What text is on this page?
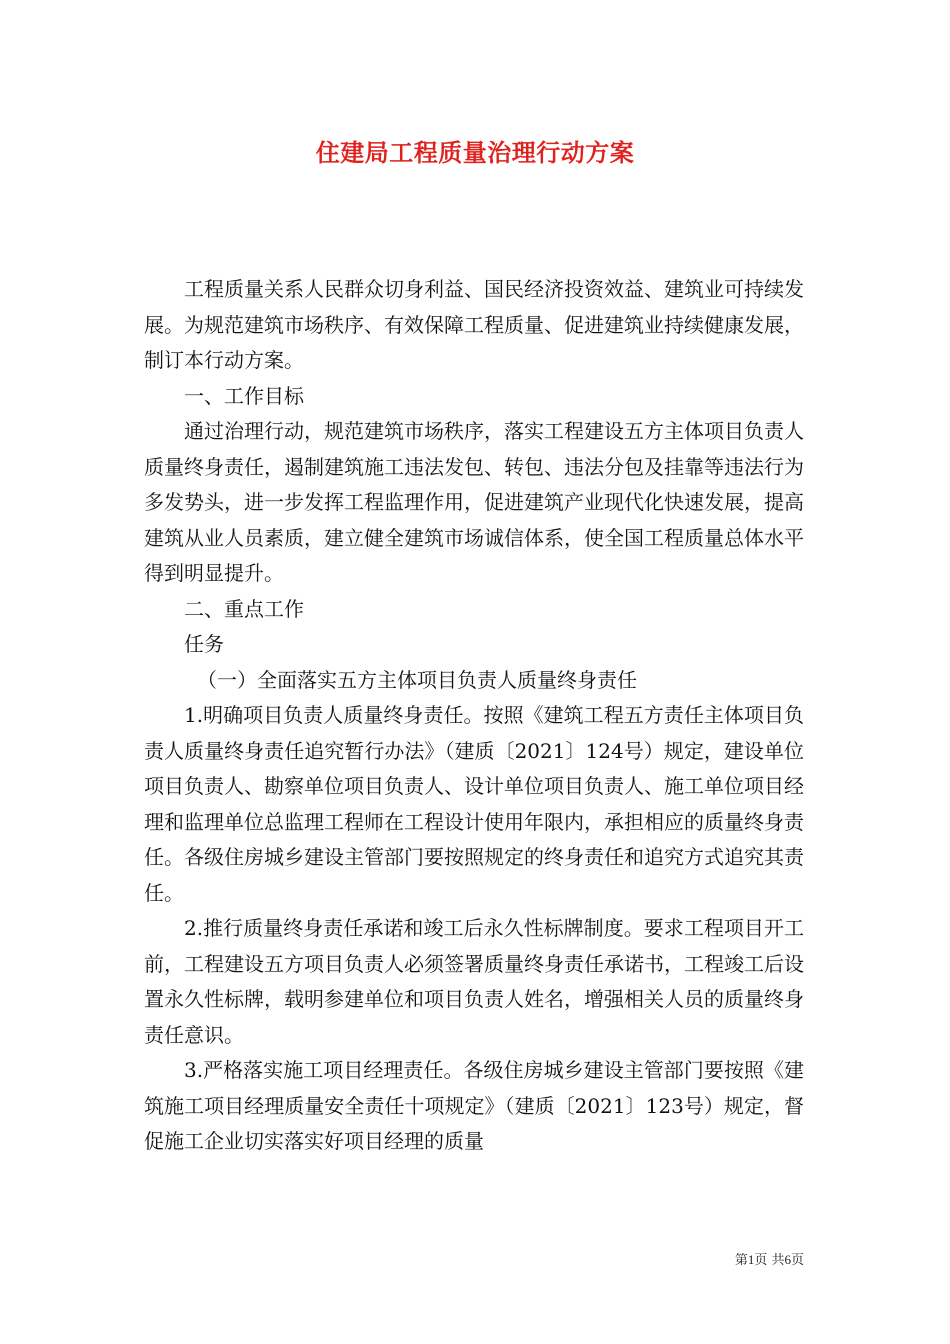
住建局工程质量治理行动方案

工程质量关系人民群众切身利益、国民经济投资效益、建筑业可持续发展。为规范建筑市场秩序、有效保障工程质量、促进建筑业持续健康发展，制订本行动方案。

一、工作目标

通过治理行动，规范建筑市场秩序，落实工程建设五方主体项目负责人质量终身责任，遏制建筑施工违法发包、转包、违法分包及挂靠等违法行为多发势头，进一步发挥工程监理作用，促进建筑产业现代化快速发展，提高建筑从业人员素质，建立健全建筑市场诚信体系，使全国工程质量总体水平得到明显提升。

二、重点工作

任务

（一）全面落实五方主体项目负责人质量终身责任

1.明确项目负责人质量终身责任。按照《建筑工程五方责任主体项目负责人质量终身责任追究暂行办法》（建质〔2021〕124号）规定，建设单位项目负责人、勘察单位项目负责人、设计单位项目负责人、施工单位项目经理和监理单位总监理工程师在工程设计使用年限内，承担相应的质量终身责任。各级住房城乡建设主管部门要按照规定的终身责任和追究方式追究其责任。

2.推行质量终身责任承诺和竣工后永久性标牌制度。要求工程项目开工前，工程建设五方项目负责人必须签署质量终身责任承诺书，工程竣工后设置永久性标牌，载明参建单位和项目负责人姓名，增强相关人员的质量终身责任意识。

3.严格落实施工项目经理责任。各级住房城乡建设主管部门要按照《建筑施工项目经理质量安全责任十项规定》（建质〔2021〕123号）规定，督促施工企业切实落实好项目经理的质量

第1页 共6页
